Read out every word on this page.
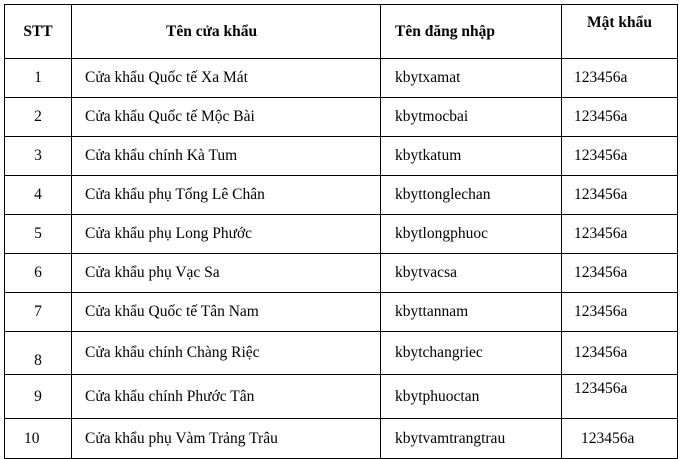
STT	Tên cửa khẩu	Tên đăng nhập	Mật khẩu
1	Cửa khẩu Quốc tế Xa Mát	kbytxamat	123456a
2	Cửa khẩu Quốc tế Mộc Bài	kbytmocbai	123456a
3	Cửa khẩu chính Kà Tum	kbytkatum	123456a
4	Cửa khẩu phụ Tống Lê Chân	kbyttonglechan	123456a
5	Cửa khẩu phụ Long Phước	kbytlongphuoc	123456a
6	Cửa khẩu phụ Vạc Sa	kbytvacsa	123456a
7	Cửa khẩu Quốc tế Tân Nam	kbyttannam	123456a
8	Cửa khẩu chính Chàng Riệc	kbytchangriec	123456a
9	Cửa khẩu chính Phước Tân	kbytphuoctan	123456a
10	Cửa khẩu phụ Vàm Trảng Trâu	kbytvamtrangtrau	123456a
